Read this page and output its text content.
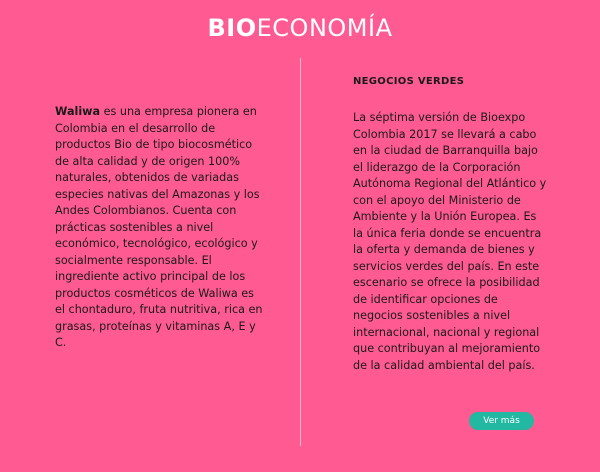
BIOECONOMÍA
Waliwa es una empresa pionera en Colombia en el desarrollo de productos Bio de tipo biocosmético de alta calidad y de origen 100% naturales, obtenidos de variadas especies nativas del Amazonas y los Andes Colombianos. Cuenta con prácticas sostenibles a nivel económico, tecnológico, ecológico y socialmente responsable. El ingrediente activo principal de los productos cosméticos de Waliwa es el chontaduro, fruta nutritiva, rica en grasas, proteínas y vitaminas A, E y C.
NEGOCIOS VERDES

La séptima versión de Bioexpo Colombia 2017 se llevará a cabo en la ciudad de Barranquilla bajo el liderazgo de la Corporación Autónoma Regional del Atlántico y con el apoyo del Ministerio de Ambiente y la Unión Europea. Es la única feria donde se encuentra la oferta y demanda de bienes y servicios verdes del país. En este escenario se ofrece la posibilidad de identificar opciones de negocios sostenibles a nivel internacional, nacional y regional que contribuyan al mejoramiento de la calidad ambiental del país.

Ver más
